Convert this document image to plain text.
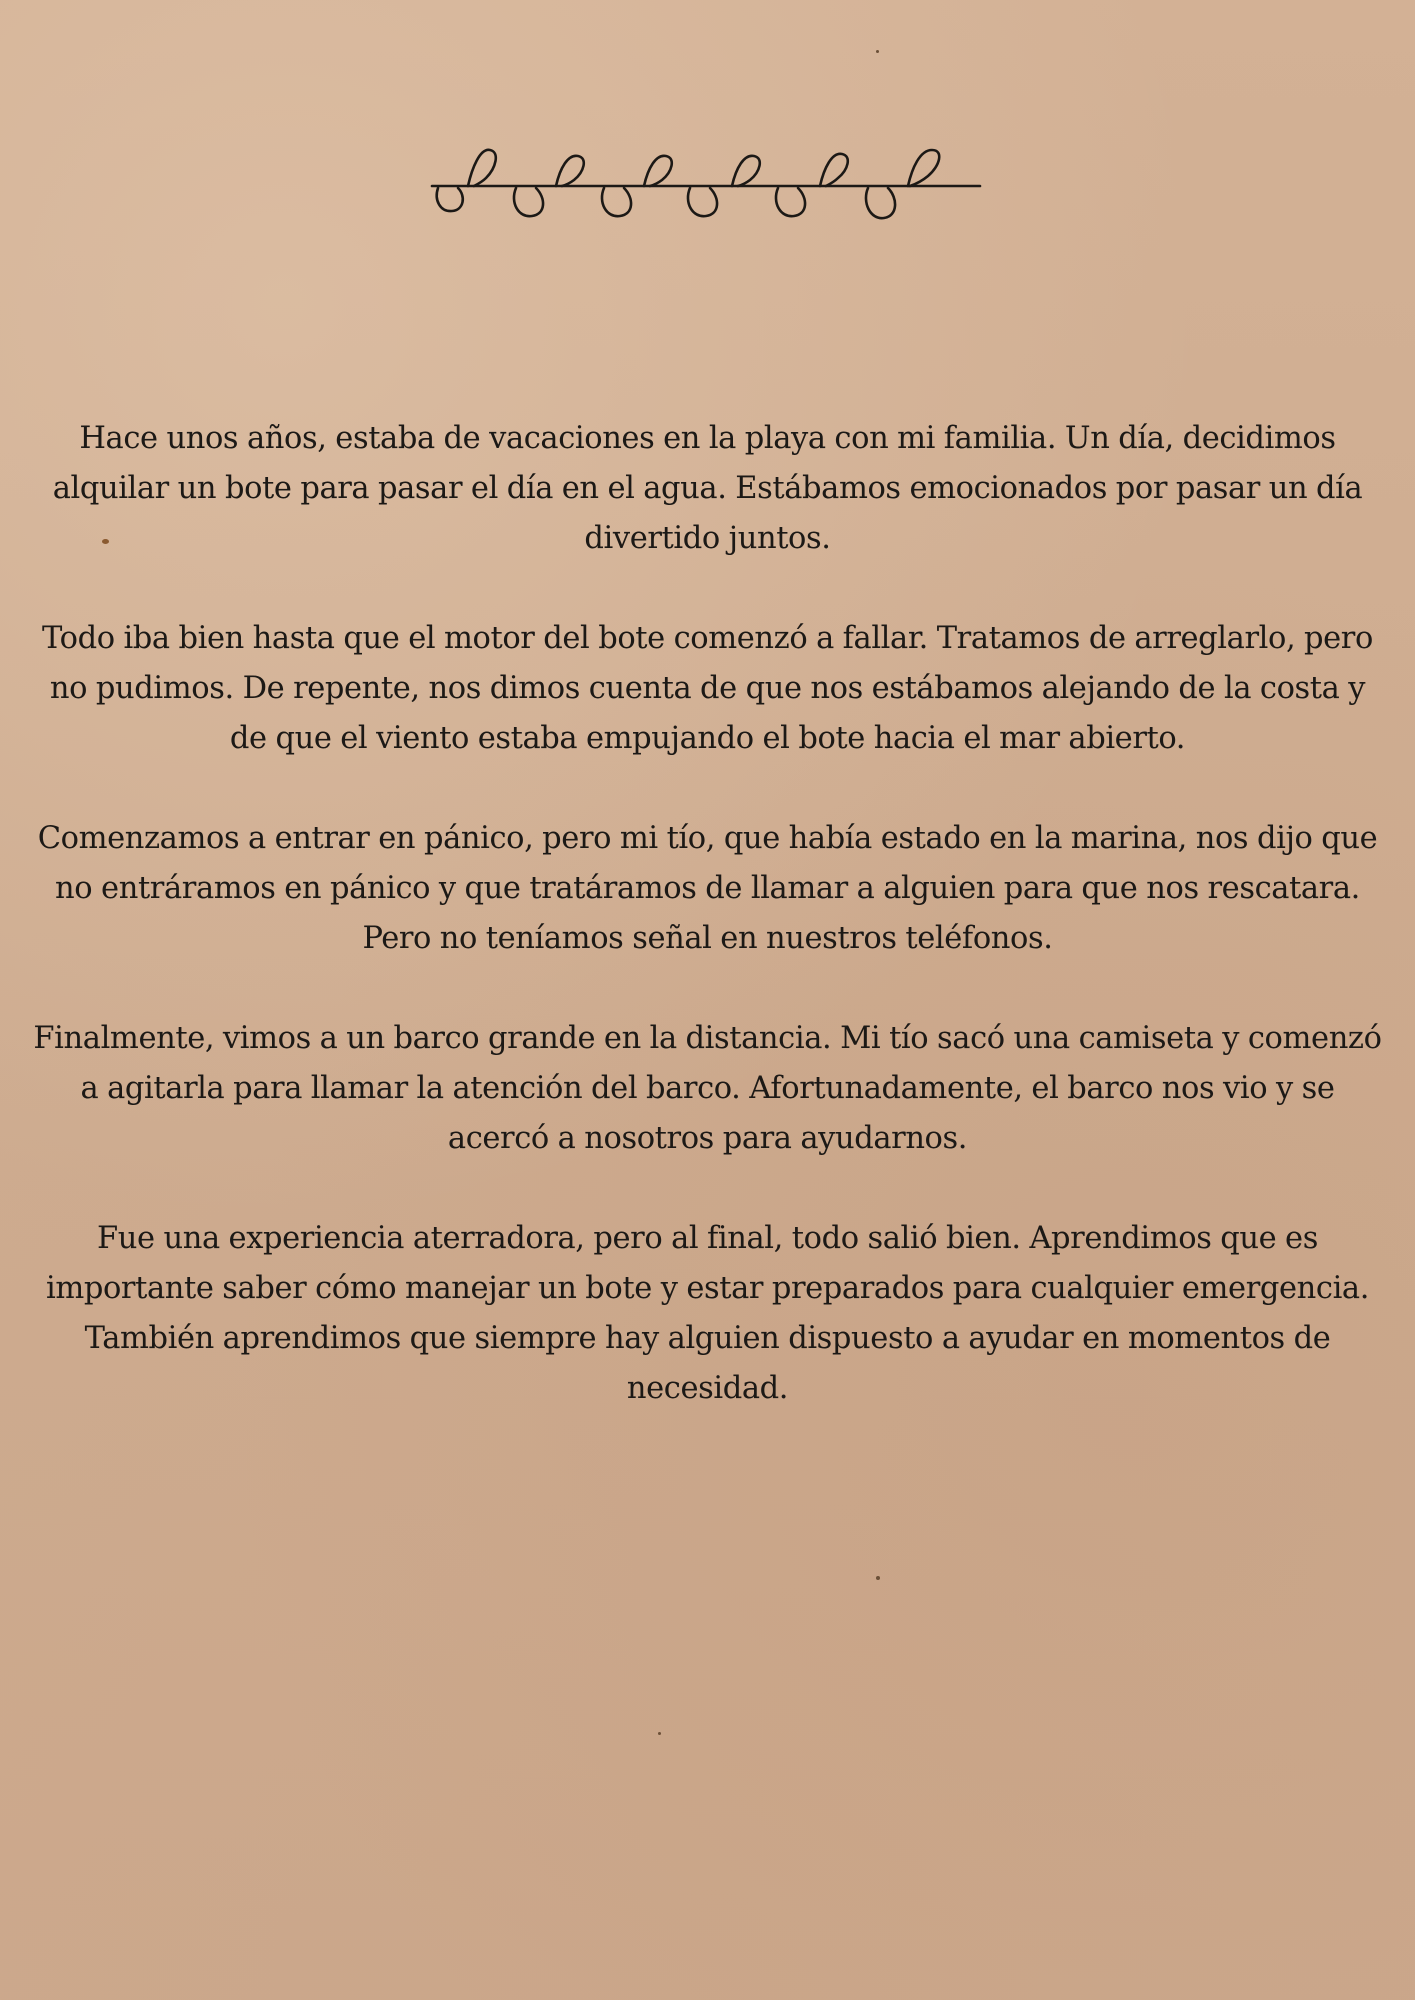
Hace unos años, estaba de vacaciones en la playa con mi familia. Un día, decidimos alquilar un bote para pasar el día en el agua. Estábamos emocionados por pasar un día divertido juntos.

Todo iba bien hasta que el motor del bote comenzó a fallar. Tratamos de arreglarlo, pero no pudimos. De repente, nos dimos cuenta de que nos estábamos alejando de la costa y de que el viento estaba empujando el bote hacia el mar abierto.

Comenzamos a entrar en pánico, pero mi tío, que había estado en la marina, nos dijo que no entráramos en pánico y que tratáramos de llamar a alguien para que nos rescatara. Pero no teníamos señal en nuestros teléfonos.

Finalmente, vimos a un barco grande en la distancia. Mi tío sacó una camiseta y comenzó a agitarla para llamar la atención del barco. Afortunadamente, el barco nos vio y se acercó a nosotros para ayudarnos.

Fue una experiencia aterradora, pero al final, todo salió bien. Aprendimos que es importante saber cómo manejar un bote y estar preparados para cualquier emergencia. También aprendimos que siempre hay alguien dispuesto a ayudar en momentos de necesidad.
